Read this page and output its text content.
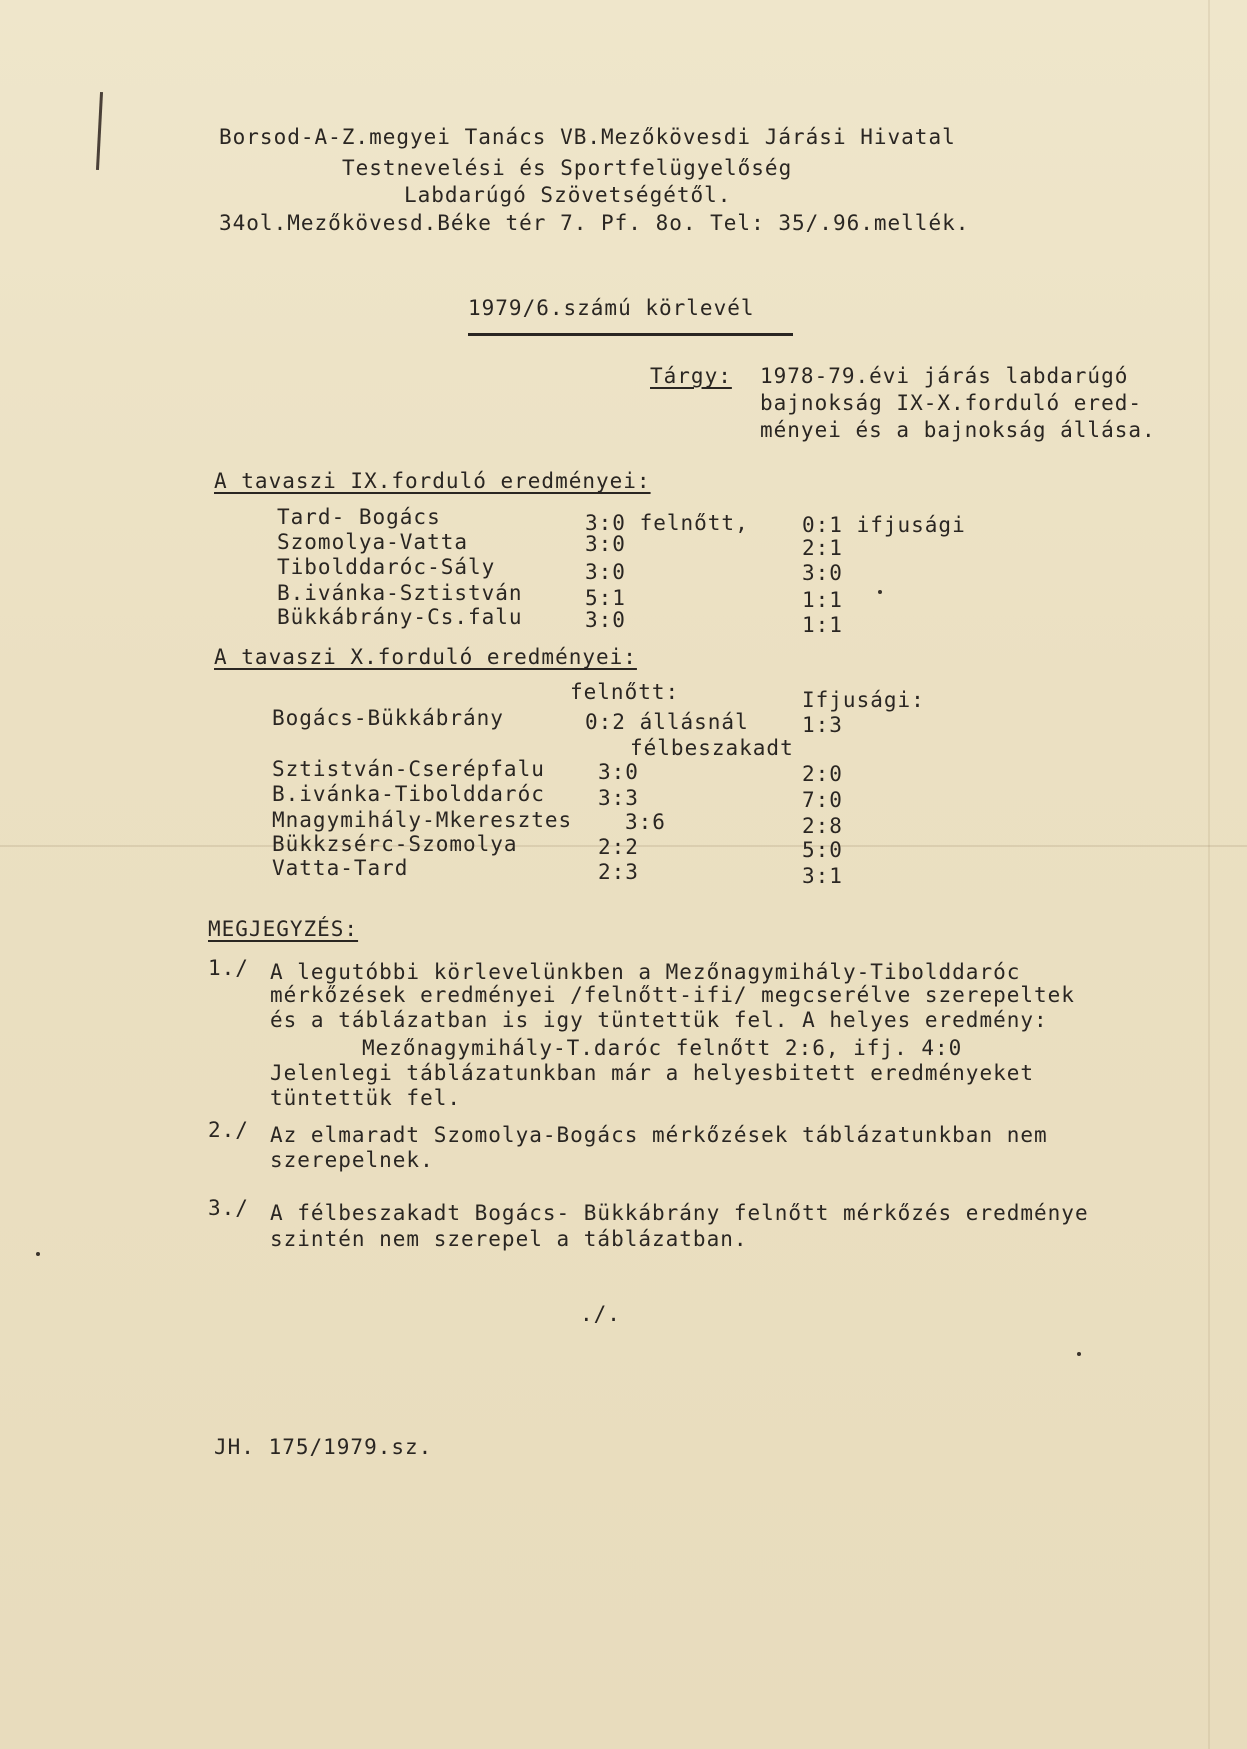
Borsod-A-Z.megyei Tanács VB.Mezőkövesdi Járási Hivatal
Testnevelési és Sportfelügyelőség
Labdarúgó Szövetségétől.
34ol.Mezőkövesd.Béke tér 7. Pf. 8o. Tel: 35/.96.mellék.
1979/6.számú körlevél
Tárgy: 1978-79.évi járás labdarúgó
bajnokság IX-X.forduló ered-
ményei és a bajnokság állása.
A tavaszi IX.forduló eredményei:
Tard- Bogács	3:0 felnőtt,	0:1 ifjusági
Szomolya-Vatta	3:0	2:1
Tibolddaróc-Sály	3:0	3:0
B.ivánka-Sztistván	5:1	1:1
Bükkábrány-Cs.falu	3:0	1:1
A tavaszi X.forduló eredményei:
felnőtt:	Ifjusági:
Bogács-Bükkábrány	0:2 állásnál	1:3
félbeszakadt
Sztistván-Cserépfalu	3:0	2:0
B.ivánka-Tibolddaróc	3:3	7:0
Mnagymihály-Mkeresztes	3:6	2:8
Bükkzsérc-Szomolya	2:2	5:0
Vatta-Tard	2:3	3:1
MEGJEGYZÉS:
1./ A legutóbbi körlevelünkben a Mezőnagymihály-Tibolddaróc
mérkőzések eredményei /felnőtt-ifi/ megcserélve szerepeltek
és a táblázatban is igy tüntettük fel. A helyes eredmény:
Mezőnagymihály-T.daróc felnőtt 2:6, ifj. 4:0
Jelenlegi táblázatunkban már a helyesbitett eredményeket
tüntettük fel.
2./ Az elmaradt Szomolya-Bogács mérkőzések táblázatunkban nem
szerepelnek.
3./ A félbeszakadt Bogács- Bükkábrány felnőtt mérkőzés eredménye
szintén nem szerepel a táblázatban.
./.
JH. 175/1979.sz.
